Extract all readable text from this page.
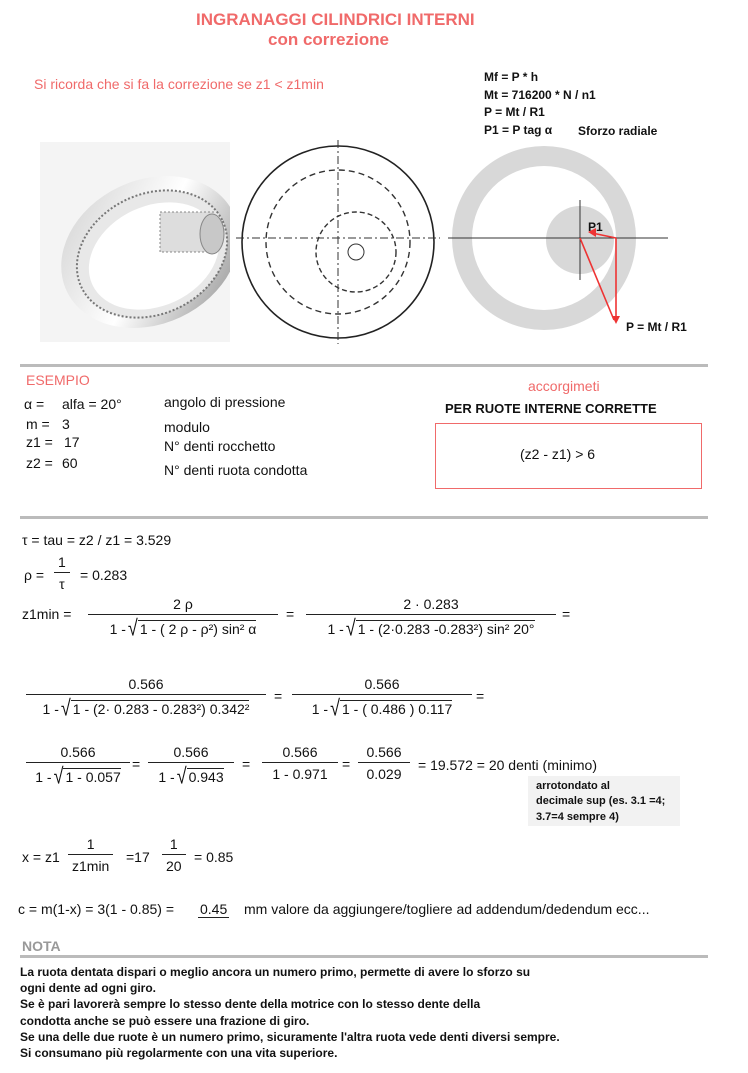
INGRANAGGI CILINDRICI INTERNI
con correzione
Si ricorda che si fa la correzione se z1 < z1min	Mf = P * h
Mt = 716200 * N / n1
P = Mt / R1
P1 = P tag α Sforzo radiale
P1
P = Mt / R1
ESEMPIO
α = alfa = 20°	angolo di pressione
m = 3	modulo
z1 = 17	N° denti rocchetto
z2 = 60	N° denti ruota condotta
accorgimeti
PER RUOTE INTERNE CORRETTE
(z2 - z1) > 6
τ = tau = z2 / z1 = 3.529
$\rho = \frac{1}{\tau} = 0.283$
$z1\min = \frac{2 \rho}{\text{1 - √ 1 - ( 2 ρ - ρ²) sin² α}} = \frac{2 \cdot 0.283}{\text{1 - √ 1 - (2·0.283 -0.283²) sin² 20°}}$ =
$\frac{0.566}{\text{1 - √ 1 - (2· 0.283 - 0.283²) 0.342²}} = \frac{0.566}{1 - √ 1 - ( 0.486 ) 0.117}$ =
$\frac{0.566}{1 - √ 1 - 0.057} = \frac{0.566}{1 - √ 0.943} = \frac{0.566}{1 - 0.971} = \frac{0.566}{0.029} = 19.572 = 20$ denti (minimo)
arrotondato al
decimale sup (es. 3.1 =4;
3.7=4 sempre 4)
x = z1
1
z1min
$=17 \frac{1}{20} = 0.85$
c = m(1-x) = 3(1 - 0.85) = 0.45 mm valore da aggiungere/togliere ad addendum/dedendum ecc...
NOTA
La ruota dentata dispari o meglio ancora un numero primo, permette di avere lo sforzo su
ogni dente ad ogni giro.
Se è pari lavorerà sempre lo stesso dente della motrice con lo stesso dente della
condotta anche se può essere una frazione di giro.
Se una delle due ruote è un numero primo, sicuramente l'altra ruota vede denti diversi sempre.
Si consumano più regolarmente con una vita superiore.
